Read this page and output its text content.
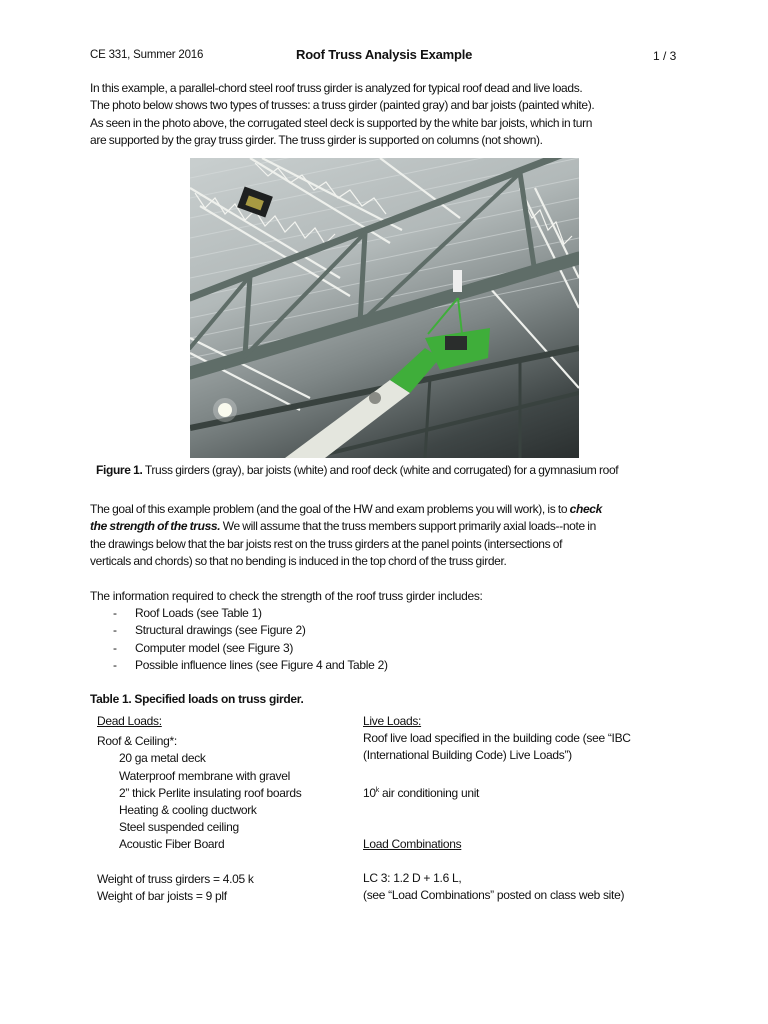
CE 331, Summer 2016	Roof Truss Analysis Example	1 / 3
In this example, a parallel-chord steel roof truss girder is analyzed for typical roof dead and live loads.
The photo below shows two types of trusses: a truss girder (painted gray) and bar joists (painted white).
As seen in the photo above, the corrugated steel deck is supported by the white bar joists, which in turn
are supported by the gray truss girder. The truss girder is supported on columns (not shown).
Figure 1. Truss girders (gray), bar joists (white) and roof deck (white and corrugated) for a gymnasium roof
The goal of this example problem (and the goal of the HW and exam problems you will work), is to check
the strength of the truss. We will assume that the truss members support primarily axial loads--note in
the drawings below that the bar joists rest on the truss girders at the panel points (intersections of
verticals and chords) so that no bending is induced in the top chord of the truss girder.
The information required to check the strength of the roof truss girder includes:
- Roof Loads (see Table 1)
- Structural drawings (see Figure 2)
- Computer model (see Figure 3)
- Possible influence lines (see Figure 4 and Table 2)
Table 1. Specified loads on truss girder.
Dead Loads:
Roof & Ceiling*:
20 ga metal deck
Waterproof membrane with gravel
2” thick Perlite insulating roof boards
Heating & cooling ductwork
Steel suspended ceiling
Acoustic Fiber Board
Weight of truss girders = 4.05 k
Weight of bar joists = 9 plf
Live Loads:
Roof live load specified in the building code (see “IBC
(International Building Code) Live Loads”)
10$^k$ air conditioning unit
Load Combinations
LC 3: 1.2 D + 1.6 L,
(see “Load Combinations” posted on class web site)
